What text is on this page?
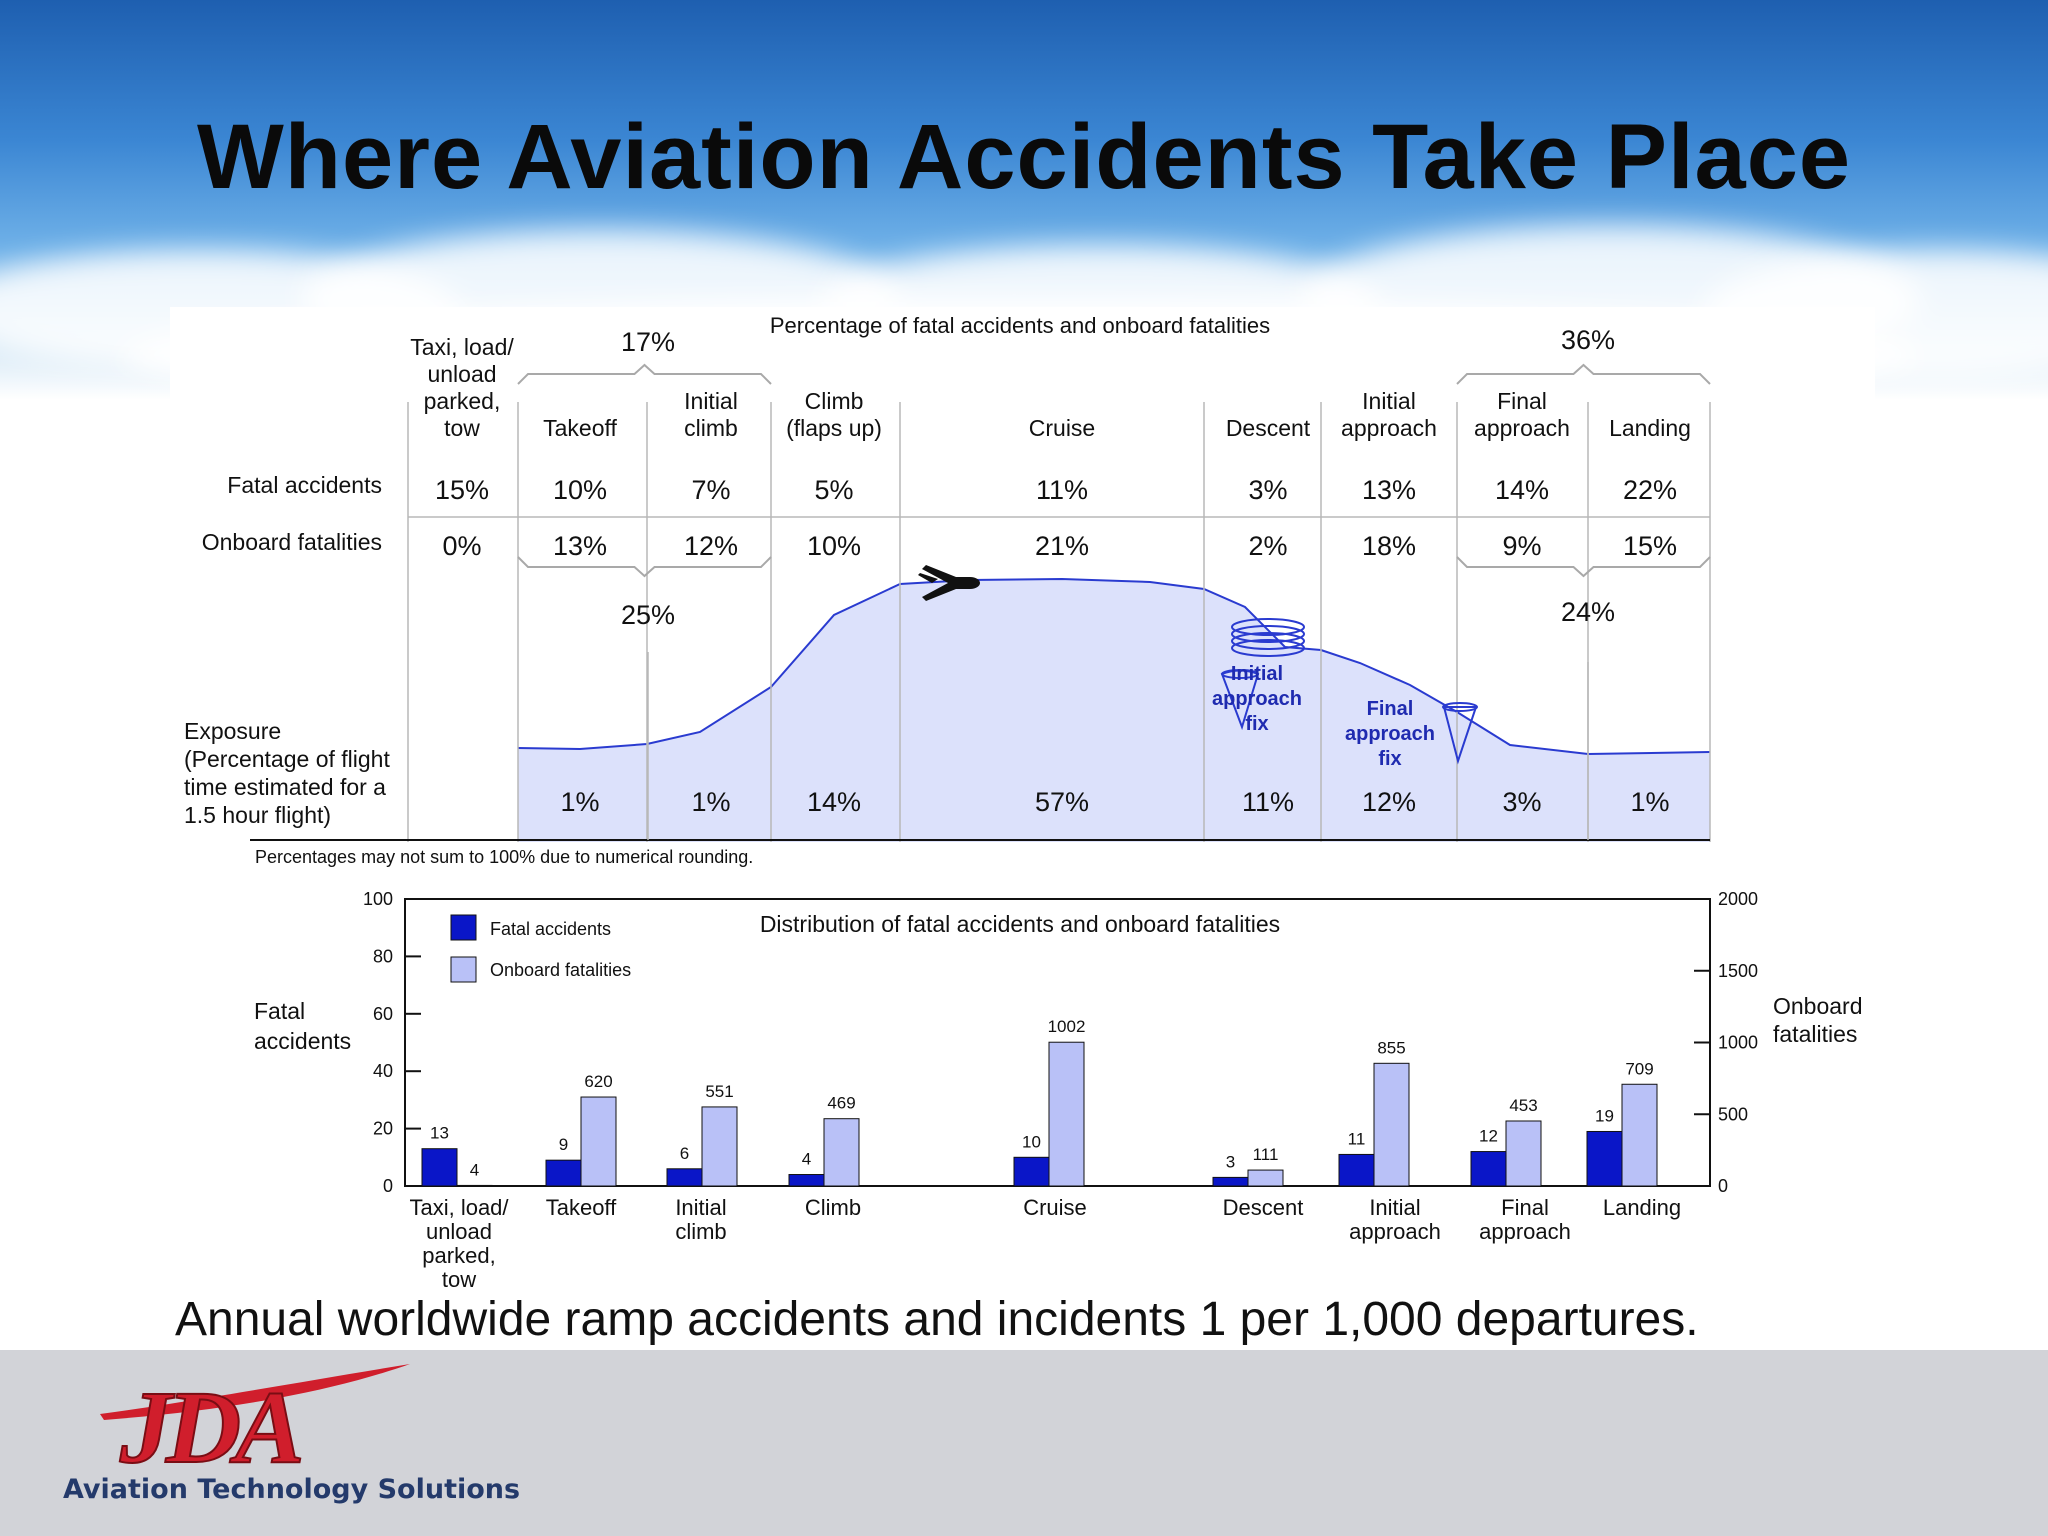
Where Aviation Accidents Take Place
Percentage of fatal accidents and onboard fatalities
Fatal accidents
Onboard fatalities
Exposure
(Percentage of flight
time estimated for a
1.5 hour flight)
Taxi, load/
unload
parked,
tow
15%
0%
Takeoff
10%
13%
1%
Initial
climb
7%
12%
1%
Climb
(flaps up)
5%
10%
14%
Cruise
11%
21%
57%
Descent
3%
2%
11%
Initial
approach
13%
18%
12%
Final
approach
14%
9%
3%
Landing
22%
15%
1%
17%	36%
25%	24%
Initial
approach
fix
Final
approach
fix
Percentages may not sum to 100% due to numerical rounding.
Distribution of fatal accidents and onboard fatalities
0
20
40
60
80
100
0
500
1000
1500
2000
Fatal
accidents
Onboard
fatalities
Fatal accidents
Onboard fatalities
13
4
Taxi, load/
unload
parked,
tow
9
620
Takeoff
6
551
Initial
climb
4
469
Climb
10
1002
Cruise
3 111
Descent
11
855
Initial
approach
12
453
Final
approach
19
709
Landing
Annual worldwide ramp accidents and incidents 1 per 1,000 departures.
JDA
Aviation Technology Solutions
